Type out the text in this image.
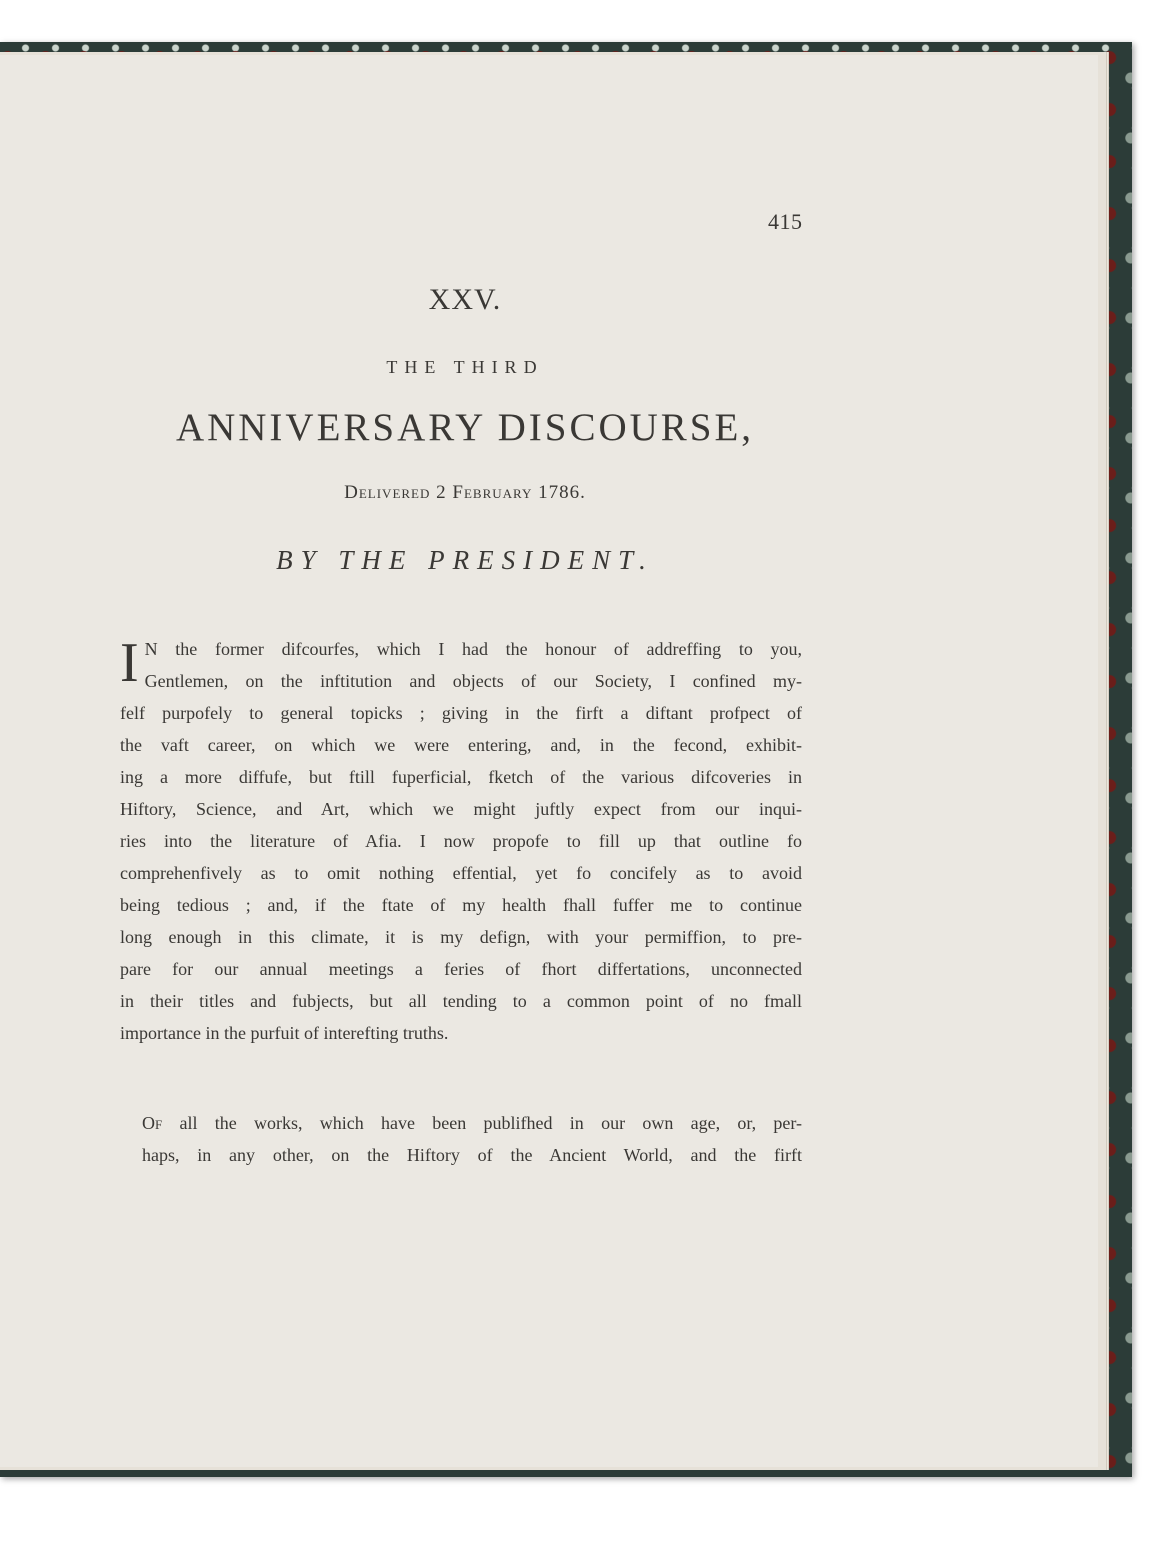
415
XXV.
THE THIRD
ANNIVERSARY DISCOURSE,
Delivered 2 February 1786.
BY THE PRESIDENT.
I N the former difcourfes, which I had the honour of addreffing to you,
Gentlemen, on the inftitution and objects of our Society, I confined my-
felf purpofely to general topicks ; giving in the firft a diftant profpect of
the vaft career, on which we were entering, and, in the fecond, exhibit-
ing a more diffufe, but ftill fuperficial, fketch of the various difcoveries in
Hiftory, Science, and Art, which we might juftly expect from our inqui-
ries into the literature of Afia. I now propofe to fill up that outline fo
comprehenfively as to omit nothing effential, yet fo concifely as to avoid
being tedious ; and, if the ftate of my health fhall fuffer me to continue
long enough in this climate, it is my defign, with your permiffion, to pre-
pare for our annual meetings a feries of fhort differtations, unconnected
in their titles and fubjects, but all tending to a common point of no fmall
importance in the purfuit of interefting truths.
Of all the works, which have been publifhed in our own age, or, per-
haps, in any other, on the Hiftory of the Ancient World, and the firft
